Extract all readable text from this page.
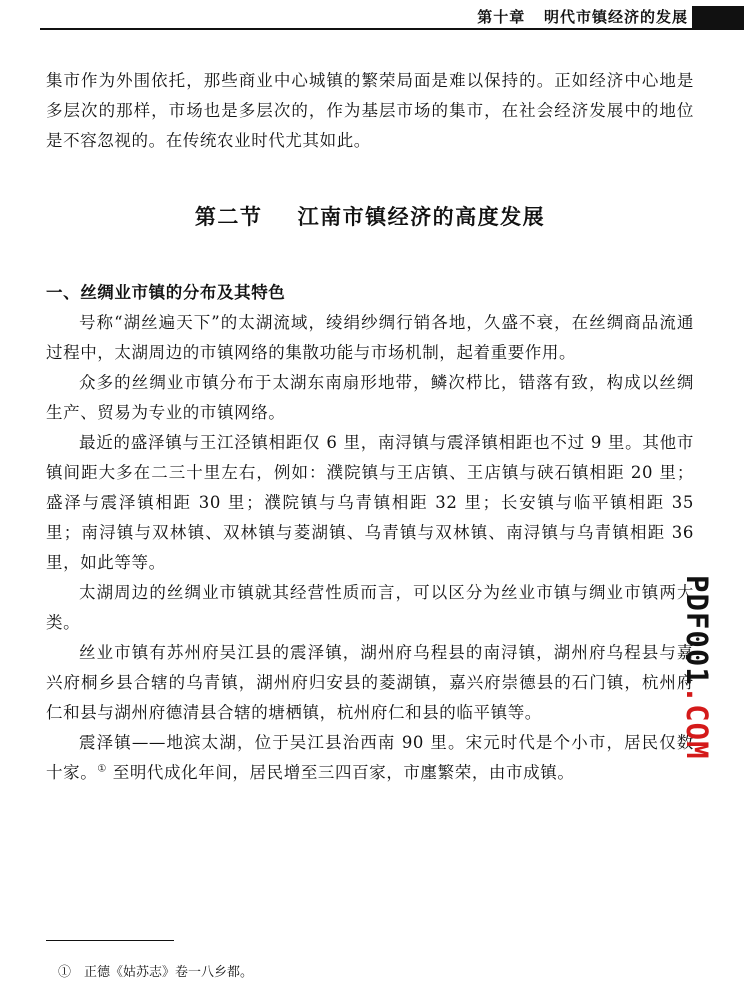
第十章 明代市镇经济的发展

集市作为外围依托，那些商业中心城镇的繁荣局面是难以保持的。正如经济中心地是多层次的那样，市场也是多层次的，作为基层市场的集市，在社会经济发展中的地位是不容忽视的。在传统农业时代尤其如此。

第二节 江南市镇经济的高度发展

一、丝绸业市镇的分布及其特色

号称“湖丝遍天下”的太湖流域，绫绢纱绸行销各地，久盛不衰，在丝绸商品流通过程中，太湖周边的市镇网络的集散功能与市场机制，起着重要作用。

众多的丝绸业市镇分布于太湖东南扇形地带，鳞次栉比，错落有致，构成以丝绸生产、贸易为专业的市镇网络。

最近的盛泽镇与王江泾镇相距仅 6 里，南浔镇与震泽镇相距也不过 9 里。其他市镇间距大多在二三十里左右，例如：濮院镇与王店镇、王店镇与硖石镇相距 20 里；盛泽与震泽镇相距 30 里；濮院镇与乌青镇相距 32 里；长安镇与临平镇相距 35 里；南浔镇与双林镇、双林镇与菱湖镇、乌青镇与双林镇、南浔镇与乌青镇相距 36 里，如此等等。

太湖周边的丝绸业市镇就其经营性质而言，可以区分为丝业市镇与绸业市镇两大类。

丝业市镇有苏州府吴江县的震泽镇，湖州府乌程县的南浔镇，湖州府乌程县与嘉兴府桐乡县合辖的乌青镇，湖州府归安县的菱湖镇，嘉兴府崇德县的石门镇，杭州府仁和县与湖州府德清县合辖的塘栖镇，杭州府仁和县的临平镇等。

震泽镇——地滨太湖，位于吴江县治西南 90 里。宋元时代是个小市，居民仅数十家。① 至明代成化年间，居民增至三四百家，市廛繁荣，由市成镇。

①　正德《姑苏志》卷一八乡都。
PDF001.COM
